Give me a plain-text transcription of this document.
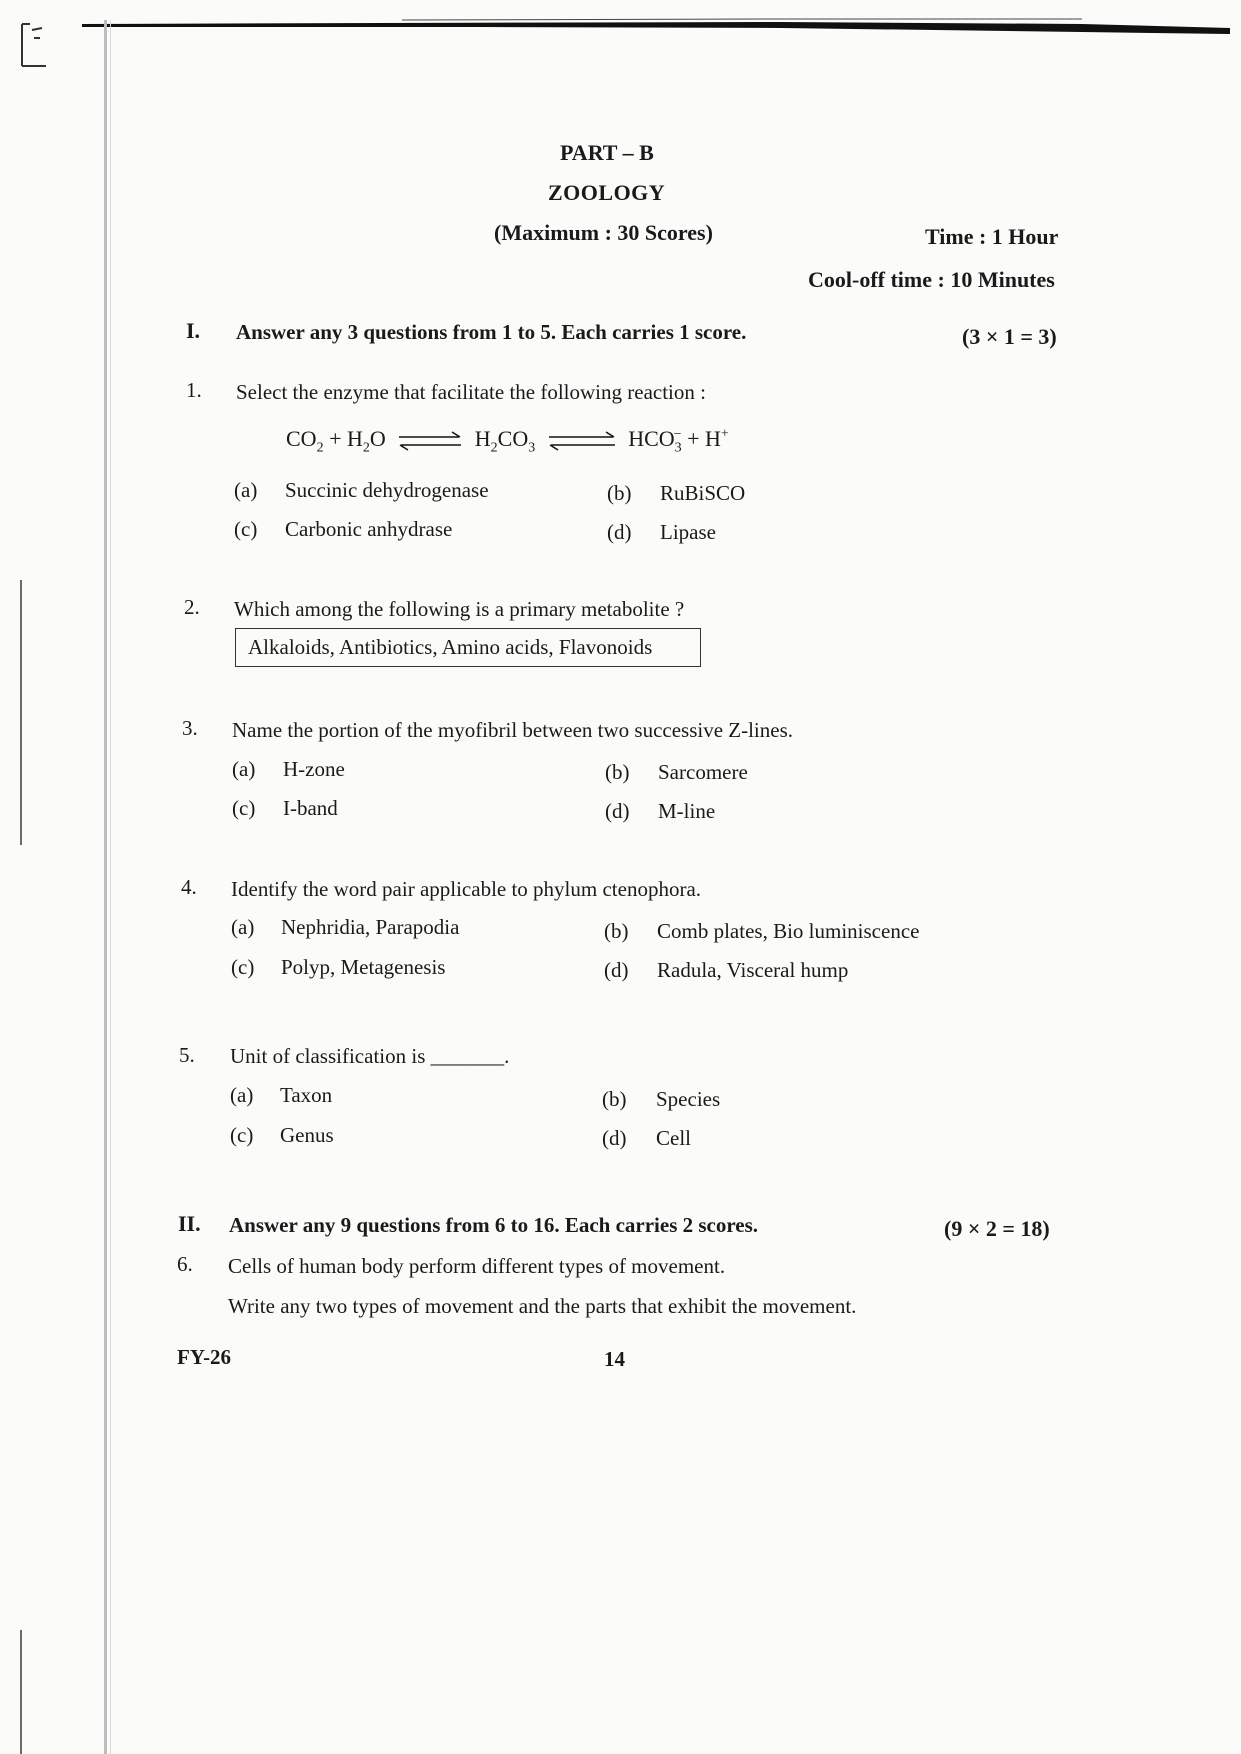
PART – B
ZOOLOGY
(Maximum : 30 Scores)	Time : 1 Hour
Cool-off time : 10 Minutes
I. Answer any 3 questions from 1 to 5. Each carries 1 score.	(3 × 1 = 3)
1. Select the enzyme that facilitate the following reaction :
$CO_2 + H_2O$ ⇌ $H_2CO_3$ ⇌ $HCO_3^- + H^+$
(a) Succinic dehydrogenase	(b) RuBiSCO
(c) Carbonic anhydrase	(d) Lipase
2. Which among the following is a primary metabolite ?
Alkaloids, Antibiotics, Amino acids, Flavonoids
3. Name the portion of the myofibril between two successive Z-lines.
(a) H-zone	(b) Sarcomere
(c) I-band	(d) M-line
4. Identify the word pair applicable to phylum ctenophora.
(a) Nephridia, Parapodia	(b) Comb plates, Bio luminiscence
(c) Polyp, Metagenesis	(d) Radula, Visceral hump
5. Unit of classification is _______.
(a) Taxon	(b) Species
(c) Genus	(d) Cell
II. Answer any 9 questions from 6 to 16. Each carries 2 scores.	(9 × 2 = 18)
6. Cells of human body perform different types of movement.
Write any two types of movement and the parts that exhibit the movement.
FY-26	14
